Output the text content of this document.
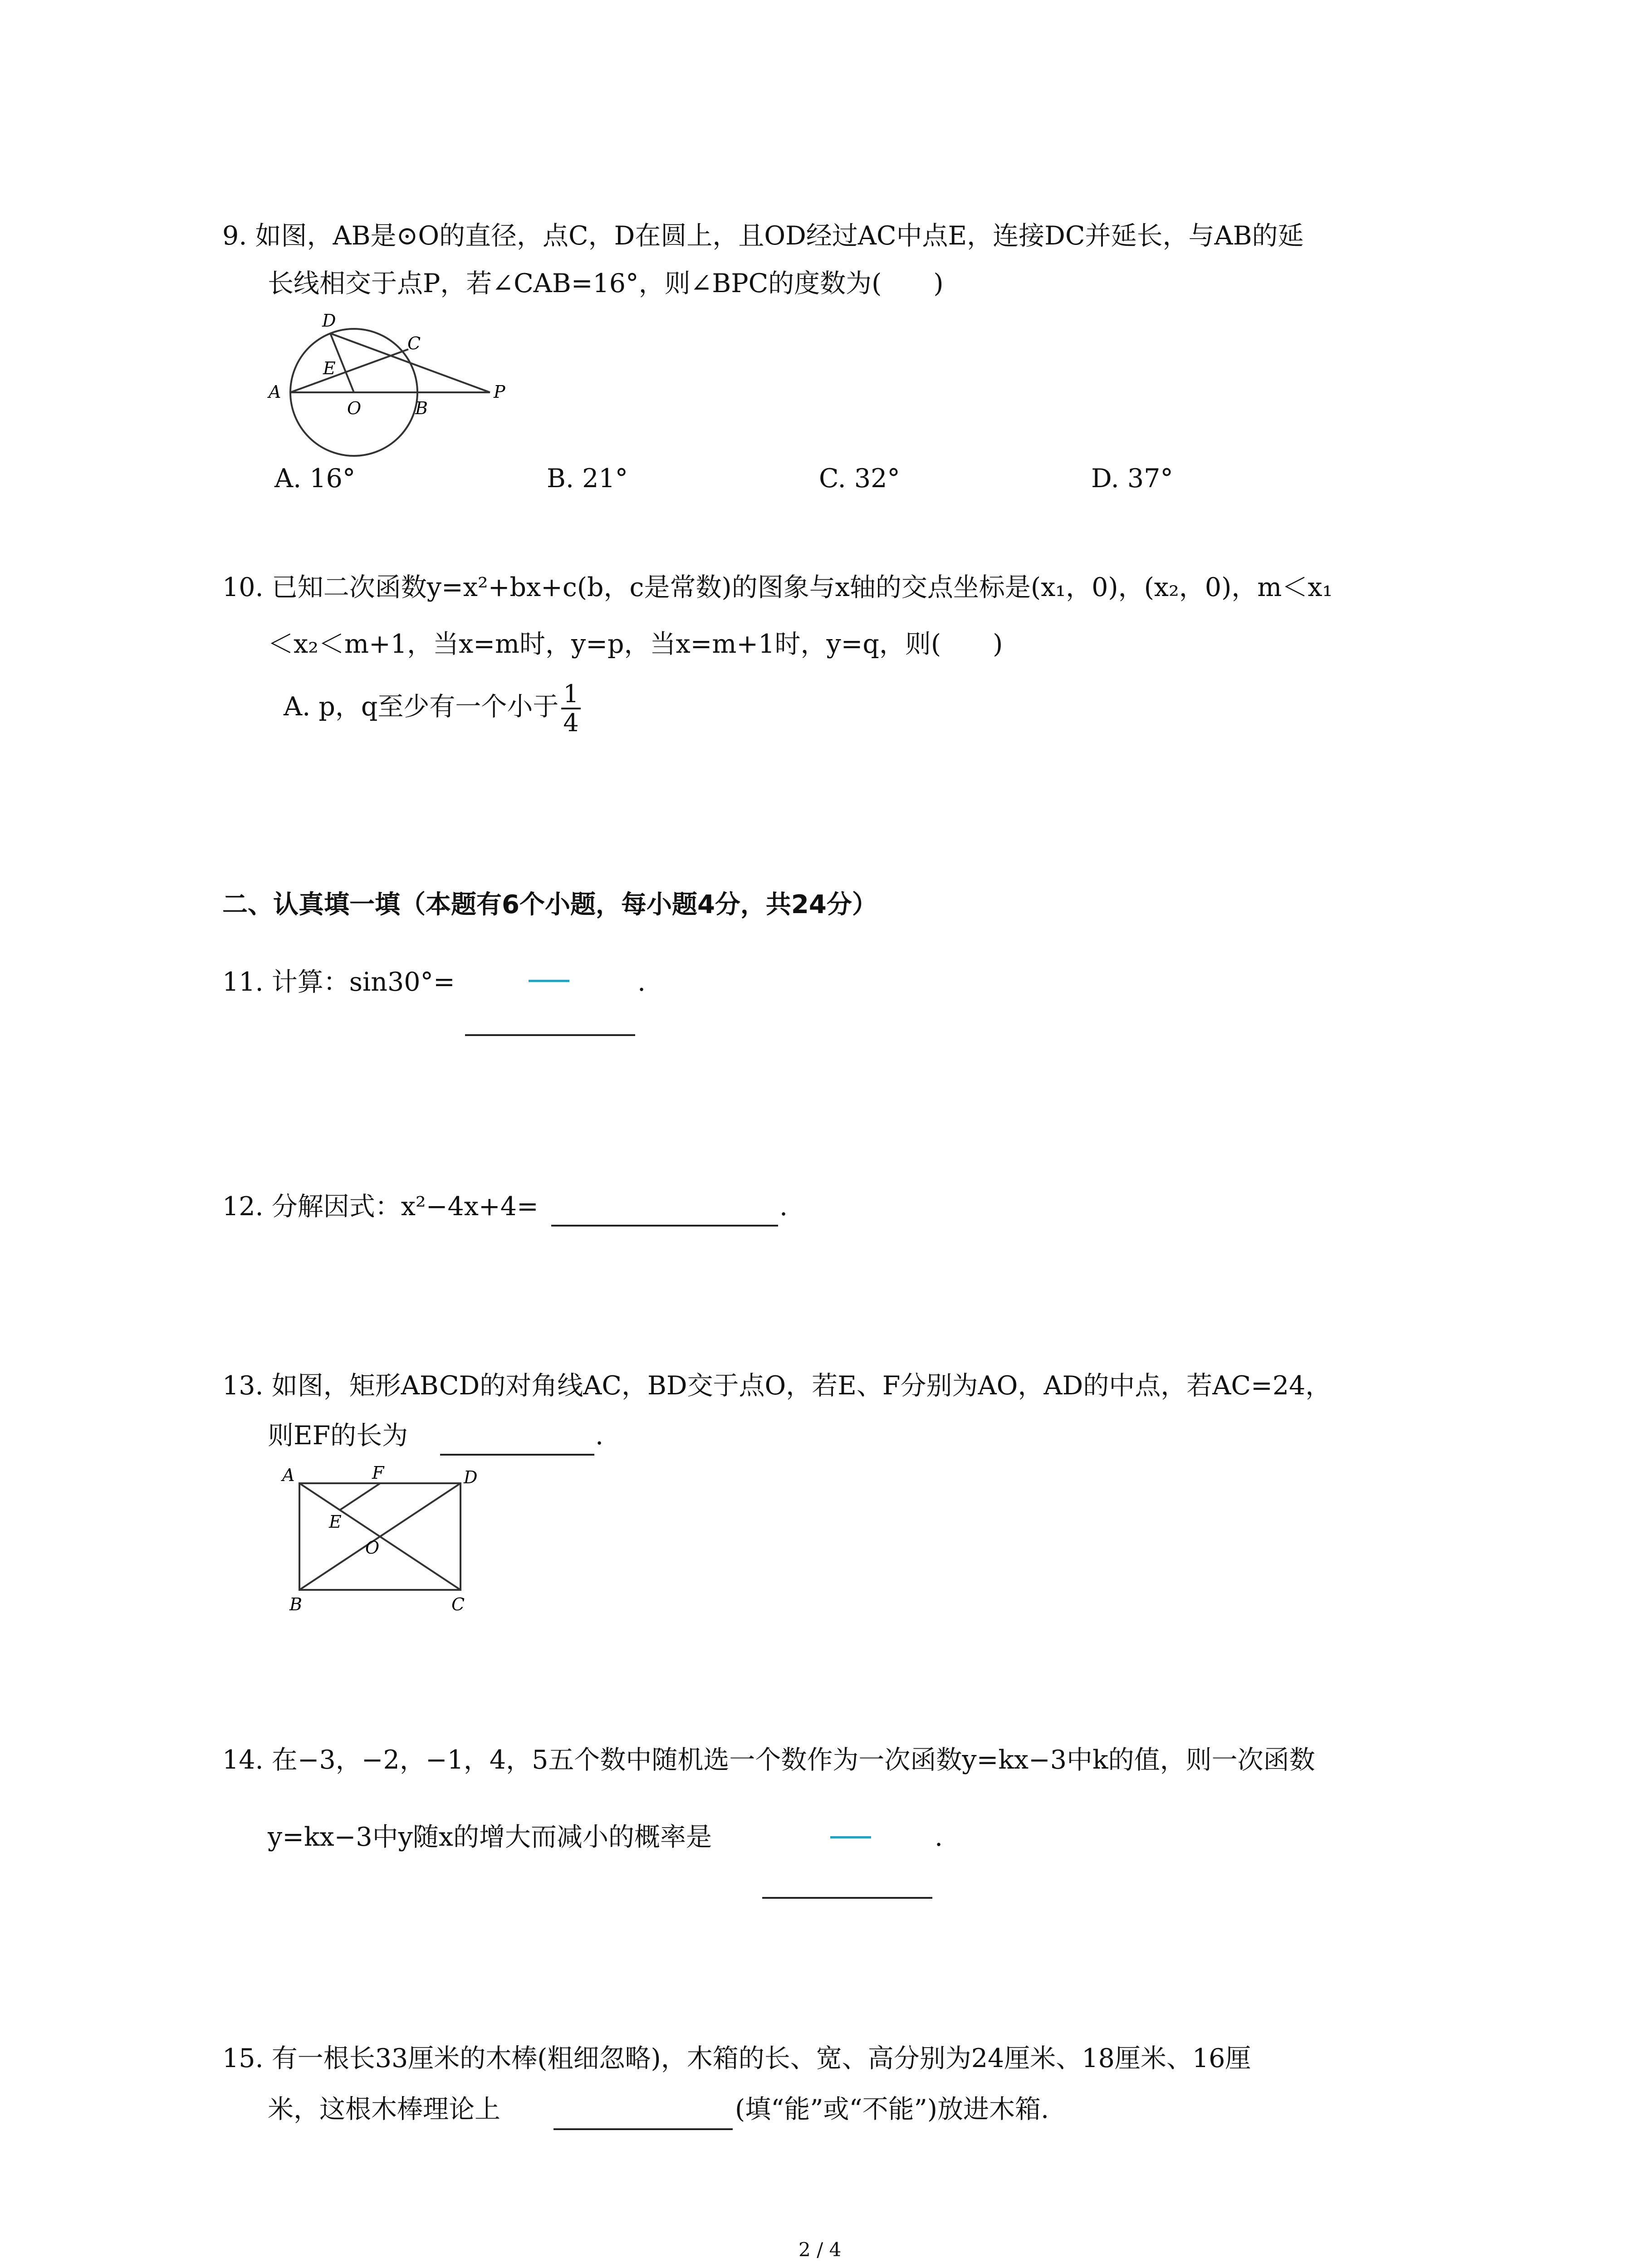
9. 如图，AB是⊙O的直径，点C，D在圆上，且OD经过AC中点E，连接DC并延长，与AB的延
长线相交于点P，若∠CAB=16°，则∠BPC的度数为(　　)
D
C
E
A
O	B
P
A. 16°	B. 21°	C. 32°	D. 37°
10. 已知二次函数y=x²+bx+c(b，c是常数)的图象与x轴的交点坐标是(x₁，0)，(x₂，0)，m＜x₁
＜x₂＜m+1，当x=m时，y=p，当x=m+1时，y=q，则(　　)
A. p，q至少有一个小于 $\frac{1}{4}$
二、认真填一填（本题有6个小题，每小题4分，共24分）
11. 计算：sin30°=	.
12. 分解因式：x²−4x+4=	.
13. 如图，矩形ABCD的对角线AC，BD交于点O，若E、F分别为AO，AD的中点，若AC=24，
则EF的长为	.
A	F	D
E
O
B	C
14. 在−3，−2，−1，4，5五个数中随机选一个数作为一次函数y=kx−3中k的值，则一次函数
y=kx−3中y随x的增大而减小的概率是	.
15. 有一根长33厘米的木棒(粗细忽略)，木箱的长、宽、高分别为24厘米、18厘米、16厘
米，这根木棒理论上	(填“能”或“不能”)放进木箱.
2 / 4
